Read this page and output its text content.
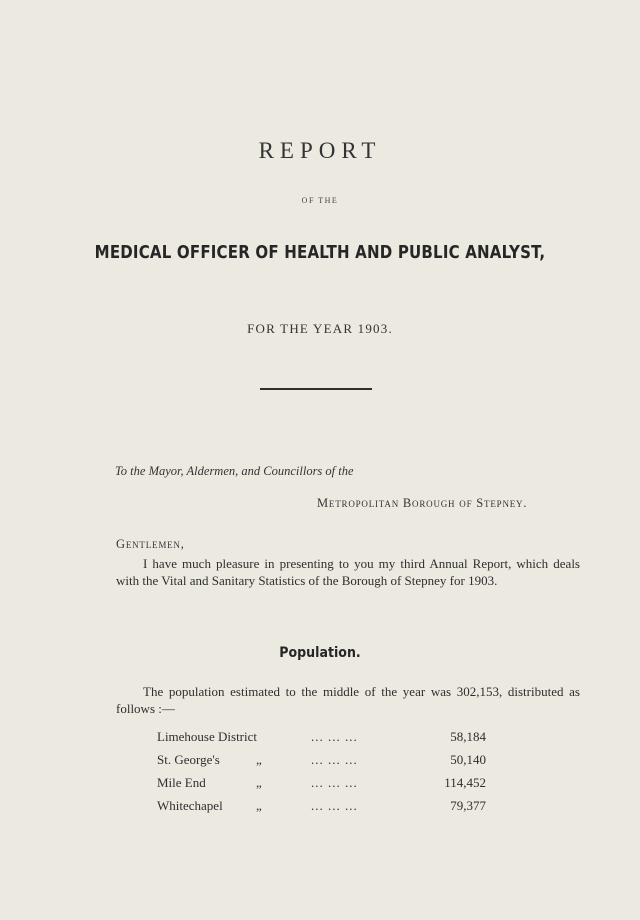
REPORT
OF THE
MEDICAL OFFICER OF HEALTH AND PUBLIC ANALYST,
FOR THE YEAR 1903.
To the Mayor, Aldermen, and Councillors of the
Metropolitan Borough of Stepney.
Gentlemen,
I have much pleasure in presenting to you my third Annual Report, which deals with the Vital and Sanitary Statistics of the Borough of Stepney for 1903.
Population.
The population estimated to the middle of the year was 302,153, distributed as follows :—
Limehouse District	... ... ...	58,184
St. George's	„	... ... ...	50,140
Mile End	„	... ... ...	114,452
Whitechapel	„	... ... ...	79,377
